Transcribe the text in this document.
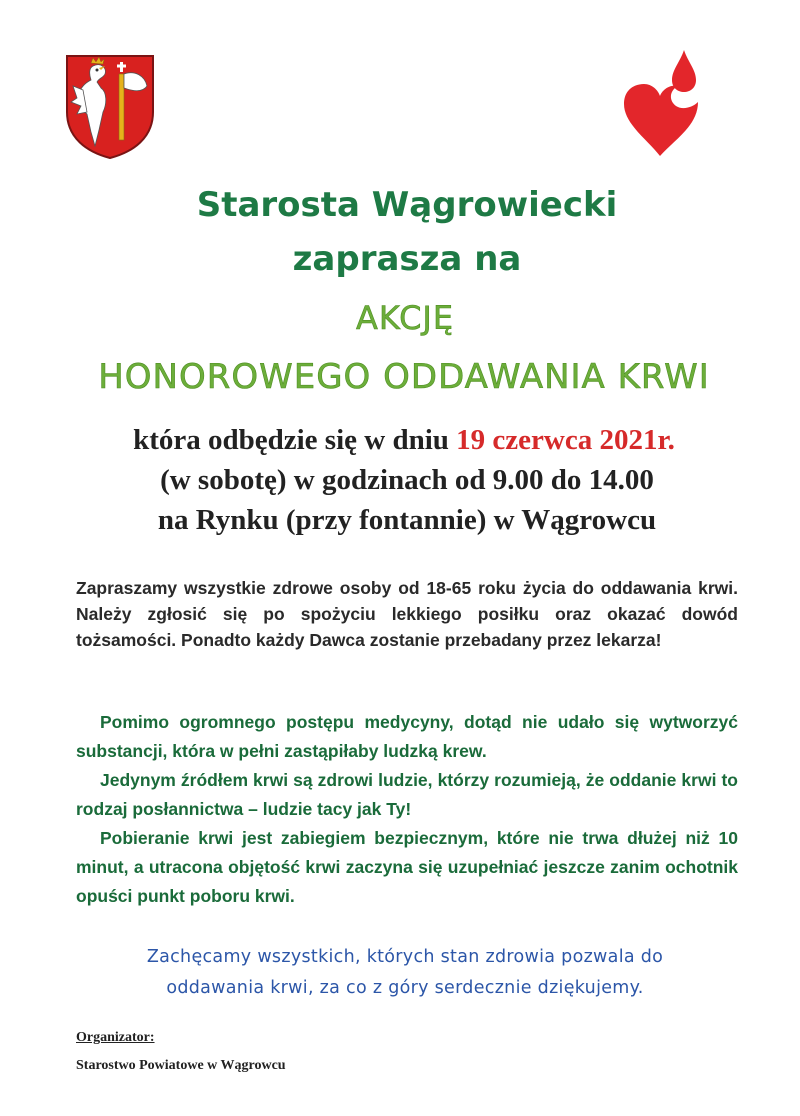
Starosta Wągrowiecki
zaprasza na
AKCJĘ
HONOROWEGO ODDAWANIA KRWI
która odbędzie się w dniu 19 czerwca 2021r.
(w sobotę) w godzinach od 9.00 do 14.00
na Rynku (przy fontannie) w Wągrowcu
Zapraszamy wszystkie zdrowe osoby od 18-65 roku życia do oddawania krwi. Należy zgłosić się po spożyciu lekkiego posiłku oraz okazać dowód tożsamości. Ponadto każdy Dawca zostanie przebadany przez lekarza!

Pomimo ogromnego postępu medycyny, dotąd nie udało się wytworzyć substancji, która w pełni zastąpiłaby ludzką krew.

Jedynym źródłem krwi są zdrowi ludzie, którzy rozumieją, że oddanie krwi to rodzaj posłannictwa – ludzie tacy jak Ty!

Pobieranie krwi jest zabiegiem bezpiecznym, które nie trwa dłużej niż 10 minut, a utracona objętość krwi zaczyna się uzupełniać jeszcze zanim ochotnik opuści punkt poboru krwi.

Zachęcamy wszystkich, których stan zdrowia pozwala do
oddawania krwi, za co z góry serdecznie dziękujemy.
Organizator:
Starostwo Powiatowe w Wągrowcu
